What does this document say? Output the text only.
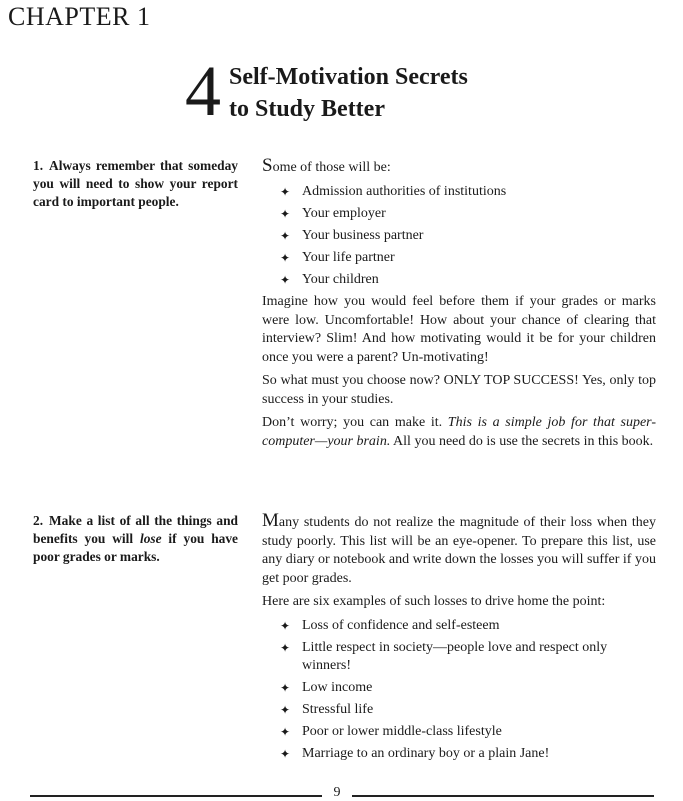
CHAPTER 1
4 Self-Motivation Secrets
to Study Better
1. Always remember that someday you will need to show your report card to important people.

Some of those will be:

✦ Admission authorities of institutions
✦ Your employer
✦ Your business partner
✦ Your life partner
✦ Your children

Imagine how you would feel before them if your grades or marks were low. Uncomfortable! How about your chance of clearing that interview? Slim! And how motivating would it be for your children once you were a parent? Un-motivating!

So what must you choose now? ONLY TOP SUCCESS! Yes, only top success in your studies.

Don’t worry; you can make it. This is a simple job for that super-computer—your brain. All you need do is use the secrets in this book.

2. Make a list of all the things and benefits you will lose if you have poor grades or marks.

Many students do not realize the magnitude of their loss when they study poorly. This list will be an eye-opener. To prepare this list, use any diary or notebook and write down the losses you will suffer if you get poor grades.

Here are six examples of such losses to drive home the point:

✦ Loss of confidence and self-esteem
✦ Little respect in society—people love and respect only winners!
✦ Low income
✦ Stressful life
✦ Poor or lower middle-class lifestyle
✦ Marriage to an ordinary boy or a plain Jane!
9
